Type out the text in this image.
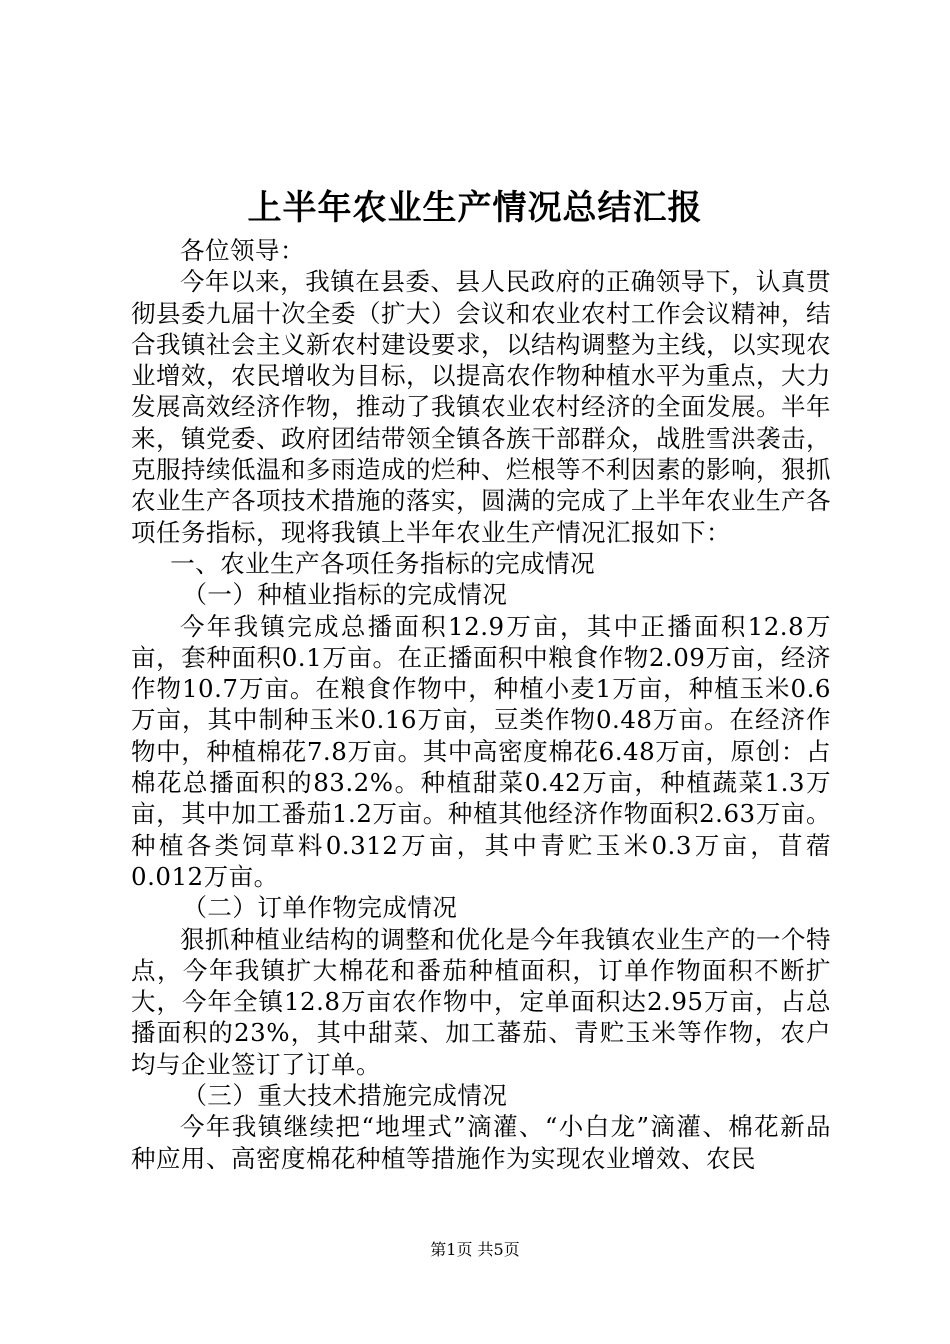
上半年农业生产情况总结汇报

各位领导：

今年以来，我镇在县委、县人民政府的正确领导下，认真贯彻县委九届十次全委（扩大）会议和农业农村工作会议精神，结合我镇社会主义新农村建设要求，以结构调整为主线，以实现农业增效，农民增收为目标，以提高农作物种植水平为重点，大力发展高效经济作物，推动了我镇农业农村经济的全面发展。半年来，镇党委、政府团结带领全镇各族干部群众，战胜雪洪袭击，克服持续低温和多雨造成的烂种、烂根等不利因素的影响，狠抓农业生产各项技术措施的落实，圆满的完成了上半年农业生产各项任务指标，现将我镇上半年农业生产情况汇报如下：

一、农业生产各项任务指标的完成情况

（一）种植业指标的完成情况

今年我镇完成总播面积12.9万亩，其中正播面积12.8万亩，套种面积0.1万亩。在正播面积中粮食作物2.09万亩，经济作物10.7万亩。在粮食作物中，种植小麦1万亩，种植玉米0.6万亩，其中制种玉米0.16万亩，豆类作物0.48万亩。在经济作物中，种植棉花7.8万亩。其中高密度棉花6.48万亩，原创：占棉花总播面积的83.2%。种植甜菜0.42万亩，种植蔬菜1.3万亩，其中加工番茄1.2万亩。种植其他经济作物面积2.63万亩。种植各类饲草料0.312万亩，其中青贮玉米0.3万亩，苜蓿0.012万亩。

（二）订单作物完成情况

狠抓种植业结构的调整和优化是今年我镇农业生产的一个特点，今年我镇扩大棉花和番茄种植面积，订单作物面积不断扩大，今年全镇12.8万亩农作物中，定单面积达2.95万亩，占总播面积的23%，其中甜菜、加工蕃茄、青贮玉米等作物，农户均与企业签订了订单。

（三）重大技术措施完成情况

今年我镇继续把“地埋式”滴灌、“小白龙”滴灌、棉花新品种应用、高密度棉花种植等措施作为实现农业增效、农民

第1页 共5页
